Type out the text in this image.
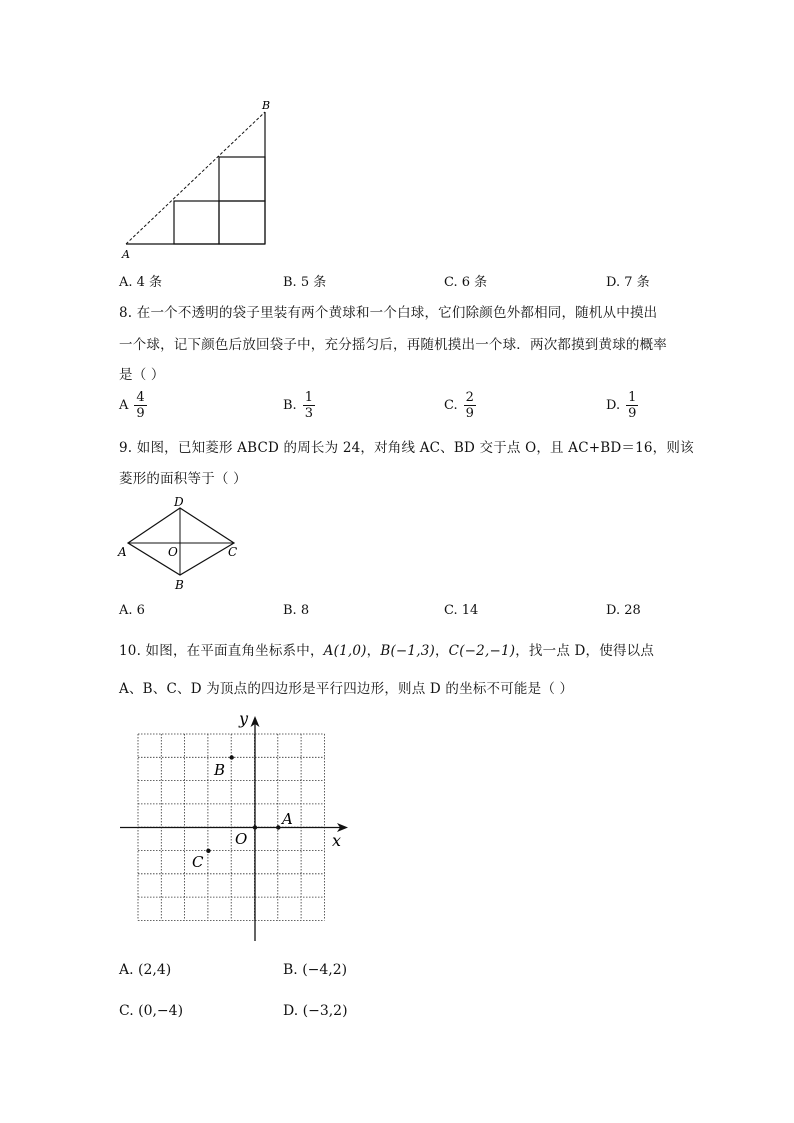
A
B
A. 4 条	B. 5 条	C. 6 条	D. 7 条
8. 在一个不透明的袋子里装有两个黄球和一个白球，它们除颜色外都相同，随机从中摸出
一个球，记下颜色后放回袋子中，充分摇匀后，再随机摸出一个球．两次都摸到黄球的概率
是（ ）
A $\frac{4}{9}$	B. $\frac{1}{3}$	C. $\frac{2}{9}$	D. $\frac{1}{9}$
9. 如图，已知菱形 ABCD 的周长为 24，对角线 AC、BD 交于点 O，且 AC+BD＝16，则该
菱形的面积等于（ ）
D
A	O	C
B
A. 6	B. 8	C. 14	D. 28
10. 如图，在平面直角坐标系中，A(1,0)，B(−1,3)，C(−2,−1)，找一点 D，使得以点
A、B、C、D 为顶点的四边形是平行四边形，则点 D 的坐标不可能是（ ）
x
y
O
A
B
C
A. (2,4)	B. (−4,2)
C. (0,−4)	D. (−3,2)
